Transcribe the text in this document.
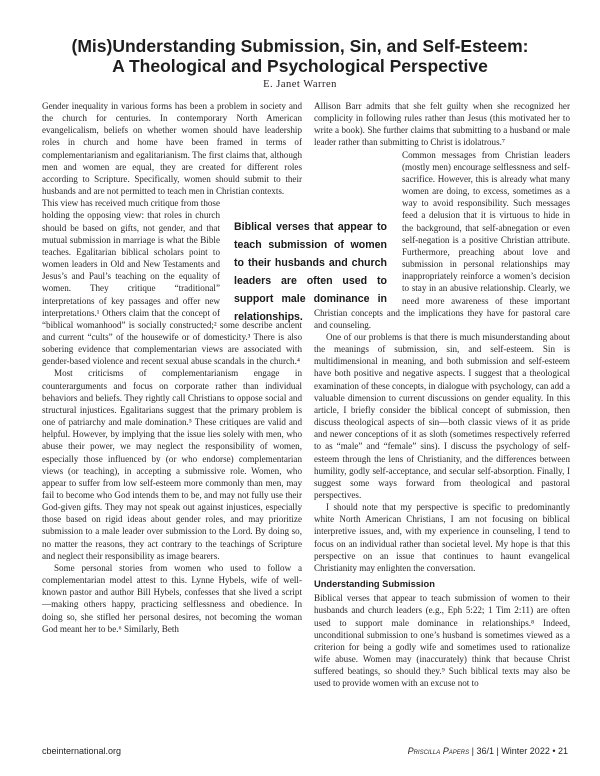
(Mis)Understanding Submission, Sin, and Self-Esteem:
A Theological and Psychological Perspective
E. Janet Warren

Gender inequality in various forms has been a problem in society and the church for centuries. In contemporary North American evangelicalism, beliefs on whether women should have leadership roles in church and home have been framed in terms of complementarianism and egalitarianism. The first claims that, although men and women are equal, they are created for different roles according to Scripture. Specifically, women should submit to their husbands and are not permitted to teach men in Christian contexts.

This view has received much critique from those holding the opposing view: that roles in church should be based on gifts, not gender, and that mutual submission in marriage is what the Bible teaches. Egalitarian biblical scholars point to women leaders in Old and New Testaments and Jesus’s and Paul’s teaching on the equality of women. They critique “traditional” interpretations of key passages and offer new interpretations.¹ Others claim that the concept of “biblical womanhood” is socially constructed;² some describe ancient and current “cults” of the housewife or of domesticity.³ There is also sobering evidence that complementarian views are associated with gender-based violence and recent sexual abuse scandals in the church.⁴

Most criticisms of complementarianism engage in counterarguments and focus on corporate rather than individual behaviors and beliefs. They rightly call Christians to oppose social and structural injustices. Egalitarians suggest that the primary problem is one of patriarchy and male domination.⁵ These critiques are valid and helpful. However, by implying that the issue lies solely with men, who abuse their power, we may neglect the responsibility of women, especially those influenced by (or who endorse) complementarian views (or teaching), in accepting a submissive role. Women, who appear to suffer from low self-esteem more commonly than men, may fail to become who God intends them to be, and may not fully use their God-given gifts. They may not speak out against injustices, especially those based on rigid ideas about gender roles, and may prioritize submission to a male leader over submission to the Lord. By doing so, no matter the reasons, they act contrary to the teachings of Scripture and neglect their responsibility as image bearers.

Some personal stories from women who used to follow a complementarian model attest to this. Lynne Hybels, wife of well-known pastor and author Bill Hybels, confesses that she lived a script—making others happy, practicing selflessness and obedience. In doing so, she stifled her personal desires, not becoming the woman God meant her to be.⁶ Similarly, Beth

Allison Barr admits that she felt guilty when she recognized her complicity in following rules rather than Jesus (this motivated her to write a book). She further claims that submitting to a husband or male leader rather than submitting to Christ is idolatrous.⁷

Common messages from Christian leaders (mostly men) encourage selflessness and self-sacrifice. However, this is already what many women are doing, to excess, sometimes as a way to avoid responsibility. Such messages feed a delusion that it is virtuous to hide in the background, that self-abnegation or even self-negation is a positive Christian attribute. Furthermore, preaching about love and submission in personal relationships may inappropriately reinforce a women’s decision to stay in an abusive relationship. Clearly, we need more awareness of these important Christian concepts and the implications they have for pastoral care and counseling.

One of our problems is that there is much misunderstanding about the meanings of submission, sin, and self-esteem. Sin is multidimensional in meaning, and both submission and self-esteem have both positive and negative aspects. I suggest that a theological examination of these concepts, in dialogue with psychology, can add a valuable dimension to current discussions on gender equality. In this article, I briefly consider the biblical concept of submission, then discuss theological aspects of sin—both classic views of it as pride and newer conceptions of it as sloth (sometimes respectively referred to as “male” and “female” sins). I discuss the psychology of self-esteem through the lens of Christianity, and the differences between humility, godly self-acceptance, and secular self-absorption. Finally, I suggest some ways forward from theological and pastoral perspectives.

I should note that my perspective is specific to predominantly white North American Christians, I am not focusing on biblical interpretive issues, and, with my experience in counseling, I tend to focus on an individual rather than societal level. My hope is that this perspective on an issue that continues to haunt evangelical Christianity may enlighten the conversation.

Understanding Submission

Biblical verses that appear to teach submission of women to their husbands and church leaders (e.g., Eph 5:22; 1 Tim 2:11) are often used to support male dominance in relationships.⁸ Indeed, unconditional submission to one’s husband is sometimes viewed as a criterion for being a godly wife and sometimes used to rationalize wife abuse. Women may (inaccurately) think that because Christ suffered beatings, so should they.⁹ Such biblical texts may also be used to provide women with an excuse not to

Biblical verses that appear to teach submission of women to their husbands and church leaders are often used to support male dominance in relationships.
cbeinternational.org	Priscilla Papers | 36/1 | Winter 2022 • 21
